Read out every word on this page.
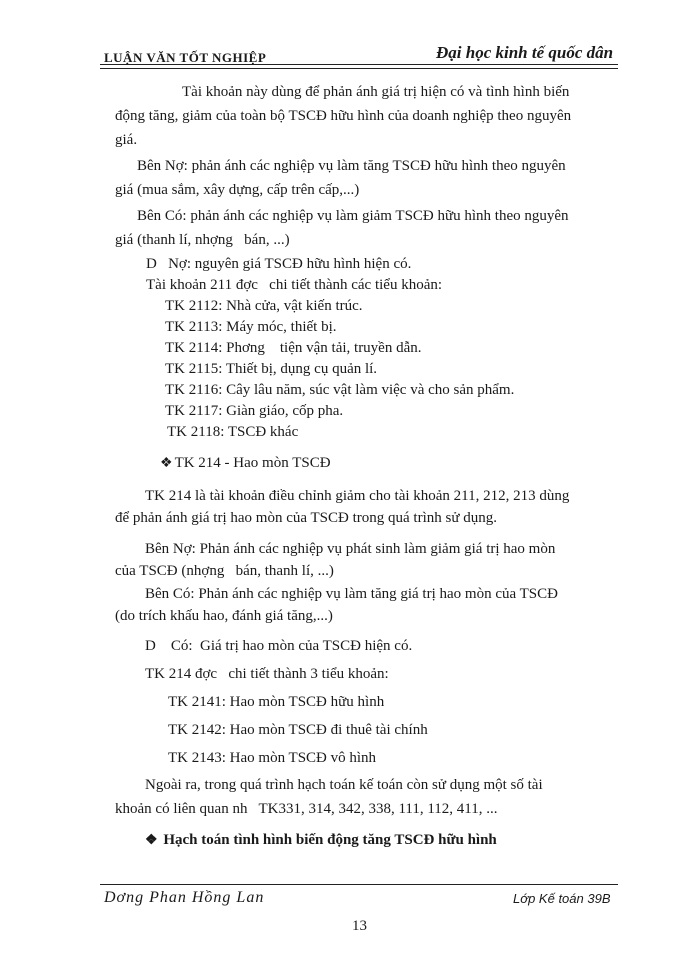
LUẬN VĂN TỐT NGHIỆP	Đại học kinh tế quốc dân
Tài khoản này dùng để phản ánh giá trị hiện có và tình hình biến
động tăng, giảm của toàn bộ TSCĐ hữu hình của doanh nghiệp theo nguyên
giá.
Bên Nợ: phản ánh các nghiệp vụ làm tăng TSCĐ hữu hình theo nguyên
giá (mua sắm, xây dựng, cấp trên cấp,...)
Bên Có: phản ánh các nghiệp vụ làm giảm TSCĐ hữu hình theo nguyên
giá (thanh lí, nhợng   bán, ...)
D   Nợ: nguyên giá TSCĐ hữu hình hiện có.
Tài khoản 211 đợc   chi tiết thành các tiểu khoản:
TK 2112: Nhà cửa, vật kiến trúc.
TK 2113: Máy móc, thiết bị.
TK 2114: Phơng    tiện vận tải, truyền dẫn.
TK 2115: Thiết bị, dụng cụ quản lí.
TK 2116: Cây lâu năm, súc vật làm việc và cho sản phẩm.
TK 2117: Giàn giáo, cốp pha.
TK 2118: TSCĐ khác
❖ TK 214 - Hao mòn TSCĐ
TK 214 là tài khoản điều chỉnh giảm cho tài khoản 211, 212, 213 dùng
để phản ánh giá trị hao mòn của TSCĐ trong quá trình sử dụng.
Bên Nợ: Phản ánh các nghiệp vụ phát sinh làm giảm giá trị hao mòn
của TSCĐ (nhợng   bán, thanh lí, ...)
Bên Có: Phản ánh các nghiệp vụ làm tăng giá trị hao mòn của TSCĐ
(do trích khấu hao, đánh giá tăng,...)
D    Có:  Giá trị hao mòn của TSCĐ hiện có.
TK 214 đợc   chi tiết thành 3 tiểu khoản:
TK 2141: Hao mòn TSCĐ hữu hình
TK 2142: Hao mòn TSCĐ đi thuê tài chính
TK 2143: Hao mòn TSCĐ vô hình
Ngoài ra, trong quá trình hạch toán kế toán còn sử dụng một số tài
khoản có liên quan nh   TK331, 314, 342, 338, 111, 112, 411, ...
❖ Hạch toán tình hình biến động tăng TSCĐ hữu hình
Dơng Phan Hồng Lan	Lớp Kế toán 39B
13
